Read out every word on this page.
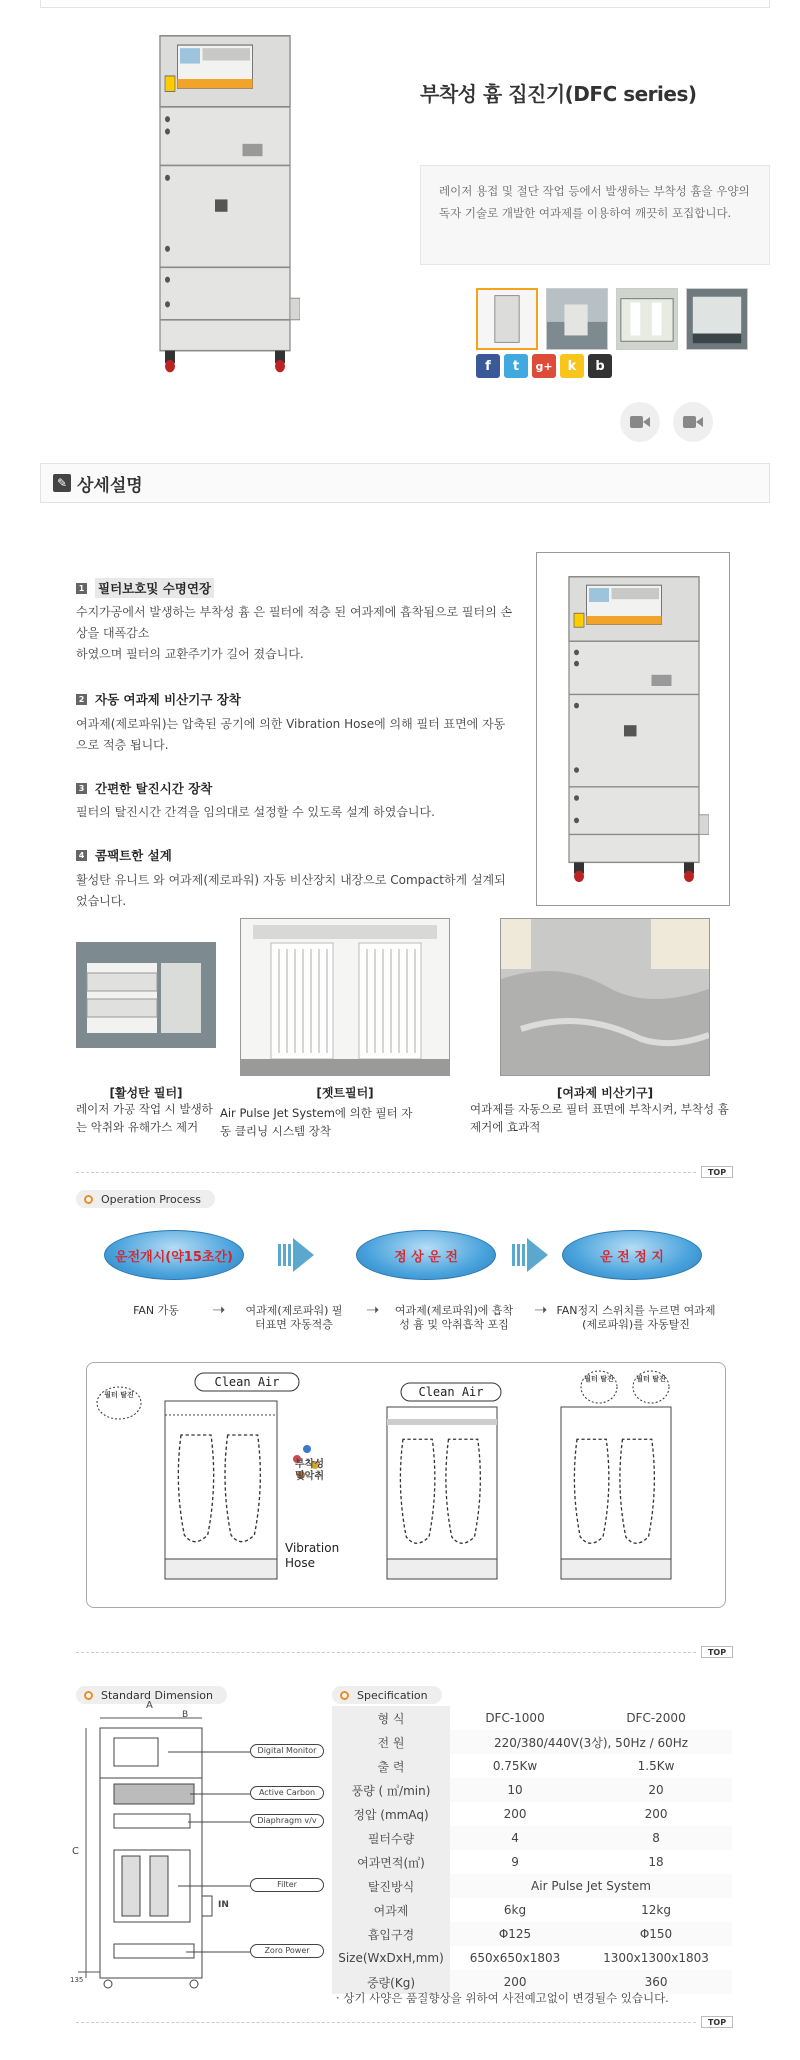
부착성 흄 집진기(DFC series)
레이저 용접 및 절단 작업 등에서 발생하는 부착성 흄을 우양의 독자 기술로 개발한 여과제를 이용하여 깨끗히 포집합니다.
f t g+ k b
✎ 상세설명
1 필터보호및 수명연장
수지가공에서 발생하는 부착성 흄 은 필터에 적층 된 여과제에 흡착됨으로 필터의 손상을 대폭감소
하였으며 필터의 교환주기가 길어 졌습니다.
2 자동 여과제 비산기구 장착
여과제(제로파워)는 압축된 공기에 의한 Vibration Hose에 의해 필터 표면에 자동으로 적층 됩니다.
3 간편한 탈진시간 장착
필터의 탈진시간 간격을 임의대로 설정할 수 있도록 설계 하였습니다.
4 콤팩트한 설계
활성탄 유니트 와 여과제(제로파워) 자동 비산장치 내장으로 Compact하게 설계되었습니다.
[활성탄 필터]
레이저 가공 작업 시 발생하는 악취와 유해가스 제거
[젯트필터]
Air Pulse Jet System에 의한 필터 자동 클리닝 시스템 장착
[여과제 비산기구]
여과제를 자동으로 필터 표면에 부착시켜, 부착성 흄 제거에 효과적
TOP
Operation Process
운전개시(약15초간)	정 상 운 전	운 전 정 지
FAN 가동	➝ 여과제(제로파워) 필터표면 자동적층
➝ 여과제(제로파워)에 흡착성 흄 및 악취흡착 포집
➝ FAN정지 스위치를 누르면 여과제(제로파워)를 자동탈진
Clean Air
Clean Air
필터 탈진
필터 탈진	필터 탈진
부착성 및악취
Vibration Hose
TOP
Standard Dimension
A
B
C
135
IN
Digital Monitor
Active Carbon
Diaphragm v/v
Filter
Zoro Power
Specification
형 식	DFC-1000	DFC-2000
전 원	220/380/440V(3상), 50Hz / 60Hz	
출 력	0.75Kw	1.5Kw
풍량 ( ㎥/min)	10	20
정압 (mmAq)	200	200
필터수량	4	8
여과면적(㎡)	9	18
탈진방식	Air Pulse Jet System	
여과제	6kg	12kg
흡입구경	Φ125	Φ150
Size(WxDxH,mm)	650x650x1803	1300x1300x1803
중량(Kg)	200	360
· 상기 사양은 품질향상을 위하여 사전예고없이 변경될수 있습니다.
TOP
